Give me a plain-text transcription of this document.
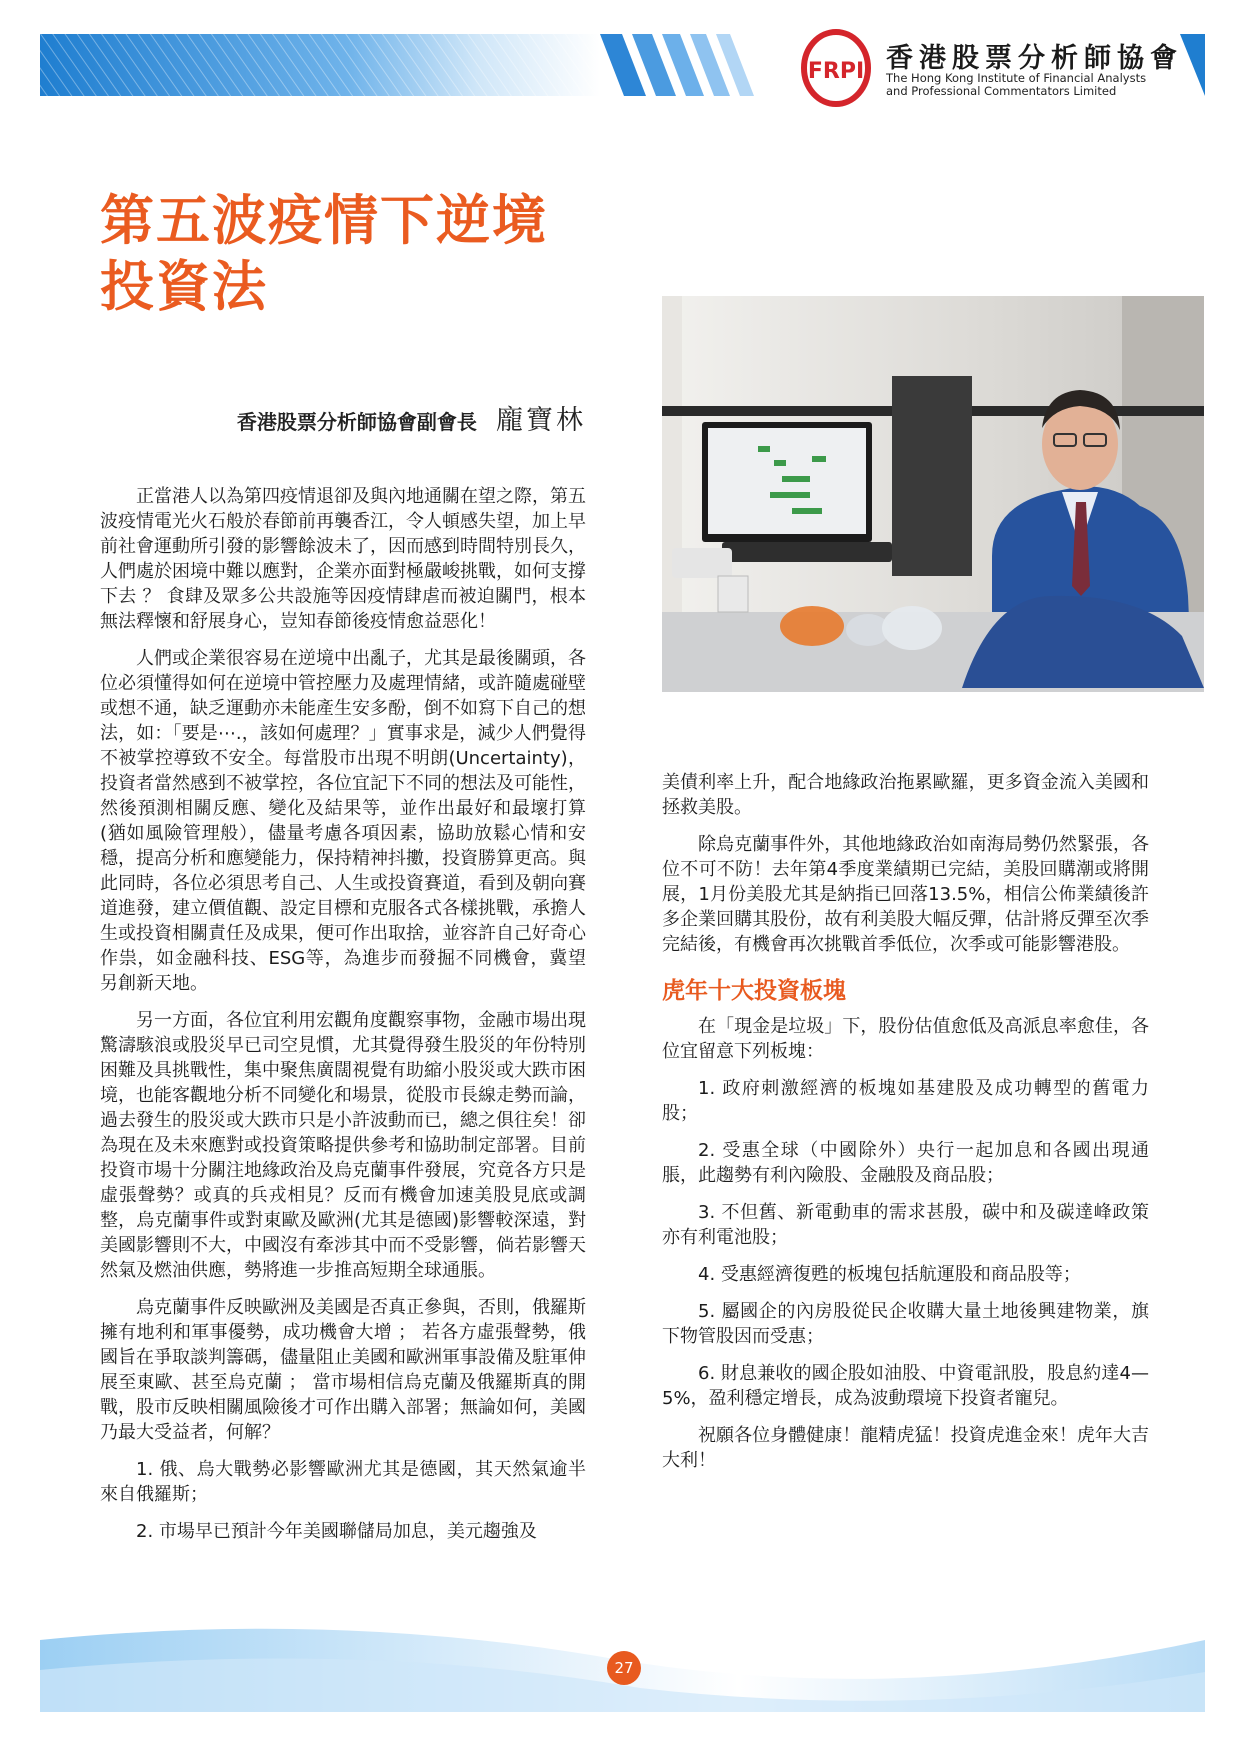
FRPI 香港股票分析師協會
The Hong Kong Institute of Financial Analysts
and Professional Commentators Limited
第五波疫情下逆境
投資法
香港股票分析師協會副會長 龐寶林

正當港人以為第四疫情退卻及與內地通關在望之際，第五波疫情電光火石般於春節前再襲香江，令人頓感失望，加上早前社會運動所引發的影響餘波未了，因而感到時間特別長久，人們處於困境中難以應對，企業亦面對極嚴峻挑戰，如何支撐下去 ？ 食肆及眾多公共設施等因疫情肆虐而被迫關門，根本無法釋懷和舒展身心，豈知春節後疫情愈益惡化！

人們或企業很容易在逆境中出亂子，尤其是最後關頭，各位必須懂得如何在逆境中管控壓力及處理情緒，或許隨處碰壁或想不通，缺乏運動亦未能產生安多酚，倒不如寫下自己的想法，如：「要是⋯.，該如何處理？」實事求是，減少人們覺得不被掌控導致不安全。每當股市出現不明朗(Uncertainty)，投資者當然感到不被掌控，各位宜記下不同的想法及可能性，然後預測相關反應、變化及結果等，並作出最好和最壞打算(猶如風險管理般），儘量考慮各項因素，協助放鬆心情和安穩，提高分析和應變能力，保持精神抖擻，投資勝算更高。與此同時，各位必須思考自己、人生或投資賽道，看到及朝向賽道進發，建立價值觀、設定目標和克服各式各樣挑戰，承擔人生或投資相關責任及成果，便可作出取捨，並容許自己好奇心作祟，如金融科技、ESG等，為進步而發掘不同機會，冀望另創新天地。

另一方面，各位宜利用宏觀角度觀察事物，金融市場出現驚濤駭浪或股災早已司空見慣，尤其覺得發生股災的年份特別困難及具挑戰性，集中聚焦廣闊視覺有助縮小股災或大跌市困境，也能客觀地分析不同變化和場景，從股市長線走勢而論，過去發生的股災或大跌市只是小許波動而已，總之俱往矣！卻為現在及未來應對或投資策略提供參考和協助制定部署。目前投資市場十分關注地緣政治及烏克蘭事件發展，究竟各方只是虛張聲勢？或真的兵戎相見？反而有機會加速美股見底或調整，烏克蘭事件或對東歐及歐洲(尤其是德國)影響較深遠，對美國影響則不大，中國沒有牽涉其中而不受影響，倘若影響天然氣及燃油供應，勢將進一步推高短期全球通脹。

烏克蘭事件反映歐洲及美國是否真正參與，否則，俄羅斯擁有地利和軍事優勢，成功機會大增 ； 若各方虛張聲勢，俄國旨在爭取談判籌碼，儘量阻止美國和歐洲軍事設備及駐軍伸展至東歐、甚至烏克蘭 ； 當市場相信烏克蘭及俄羅斯真的開戰，股市反映相關風險後才可作出購入部署；無論如何，美國乃最大受益者，何解？

1. 俄、烏大戰勢必影響歐洲尤其是德國，其天然氣逾半來自俄羅斯；

2. 市場早已預計今年美國聯儲局加息，美元趨強及

美債利率上升，配合地緣政治拖累歐羅，更多資金流入美國和拯救美股。

除烏克蘭事件外，其他地緣政治如南海局勢仍然緊張，各位不可不防！去年第4季度業績期已完結，美股回購潮或將開展，1月份美股尤其是納指已回落13.5%，相信公佈業績後許多企業回購其股份，故有利美股大幅反彈，估計將反彈至次季完結後，有機會再次挑戰首季低位，次季或可能影響港股。

虎年十大投資板塊

在「現金是垃圾」下，股份估值愈低及高派息率愈佳，各位宜留意下列板塊：

1. 政府刺激經濟的板塊如基建股及成功轉型的舊電力股；

2. 受惠全球（中國除外）央行一起加息和各國出現通脹，此趨勢有利內險股、金融股及商品股；

3. 不但舊、新電動車的需求甚殷，碳中和及碳達峰政策亦有利電池股；

4. 受惠經濟復甦的板塊包括航運股和商品股等；

5. 屬國企的內房股從民企收購大量土地後興建物業，旗下物管股因而受惠；

6. 財息兼收的國企股如油股、中資電訊股，股息約達4—5%，盈利穩定增長，成為波動環境下投資者寵兒。

祝願各位身體健康！龍精虎猛！投資虎進金來！虎年大吉大利！

27
